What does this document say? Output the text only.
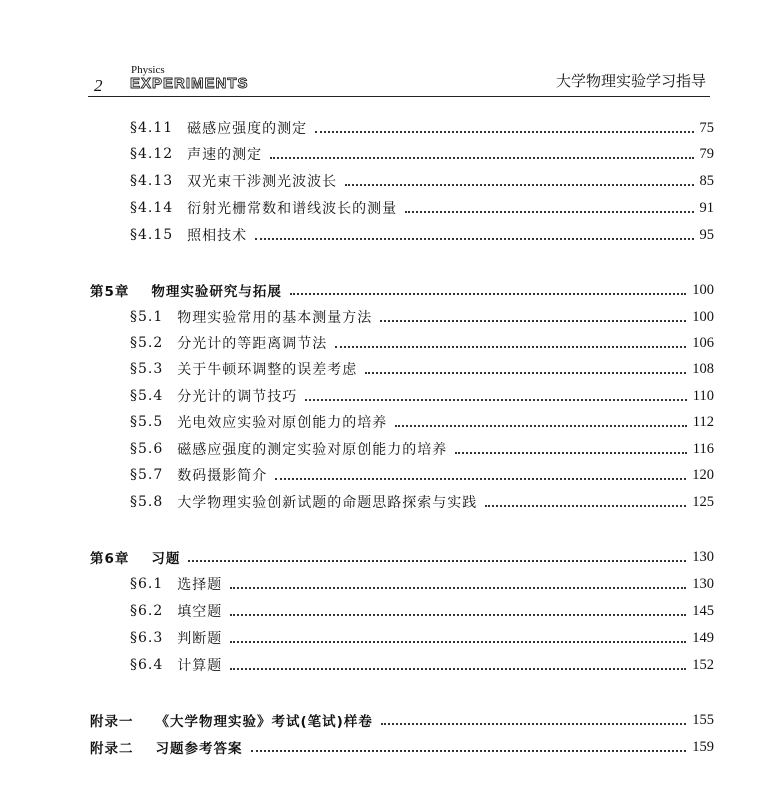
2
Physics
EXPERIMENTS	大学物理实验学习指导
§4.11	磁感应强度的测定	75
§4.12	声速的测定	79
§4.13	双光束干涉测光波波长	85
§4.14	衍射光栅常数和谱线波长的测量	91
§4.15	照相技术	95
第5章	物理实验研究与拓展	100
§5.1	物理实验常用的基本测量方法	100
§5.2	分光计的等距离调节法	106
§5.3	关于牛顿环调整的误差考虑	108
§5.4	分光计的调节技巧	110
§5.5	光电效应实验对原创能力的培养	112
§5.6	磁感应强度的测定实验对原创能力的培养	116
§5.7	数码摄影简介	120
§5.8	大学物理实验创新试题的命题思路探索与实践	125
第6章	习题	130
§6.1	选择题	130
§6.2	填空题	145
§6.3	判断题	149
§6.4	计算题	152
附录一	《大学物理实验》考试(笔试)样卷	155
附录二	习题参考答案	159
